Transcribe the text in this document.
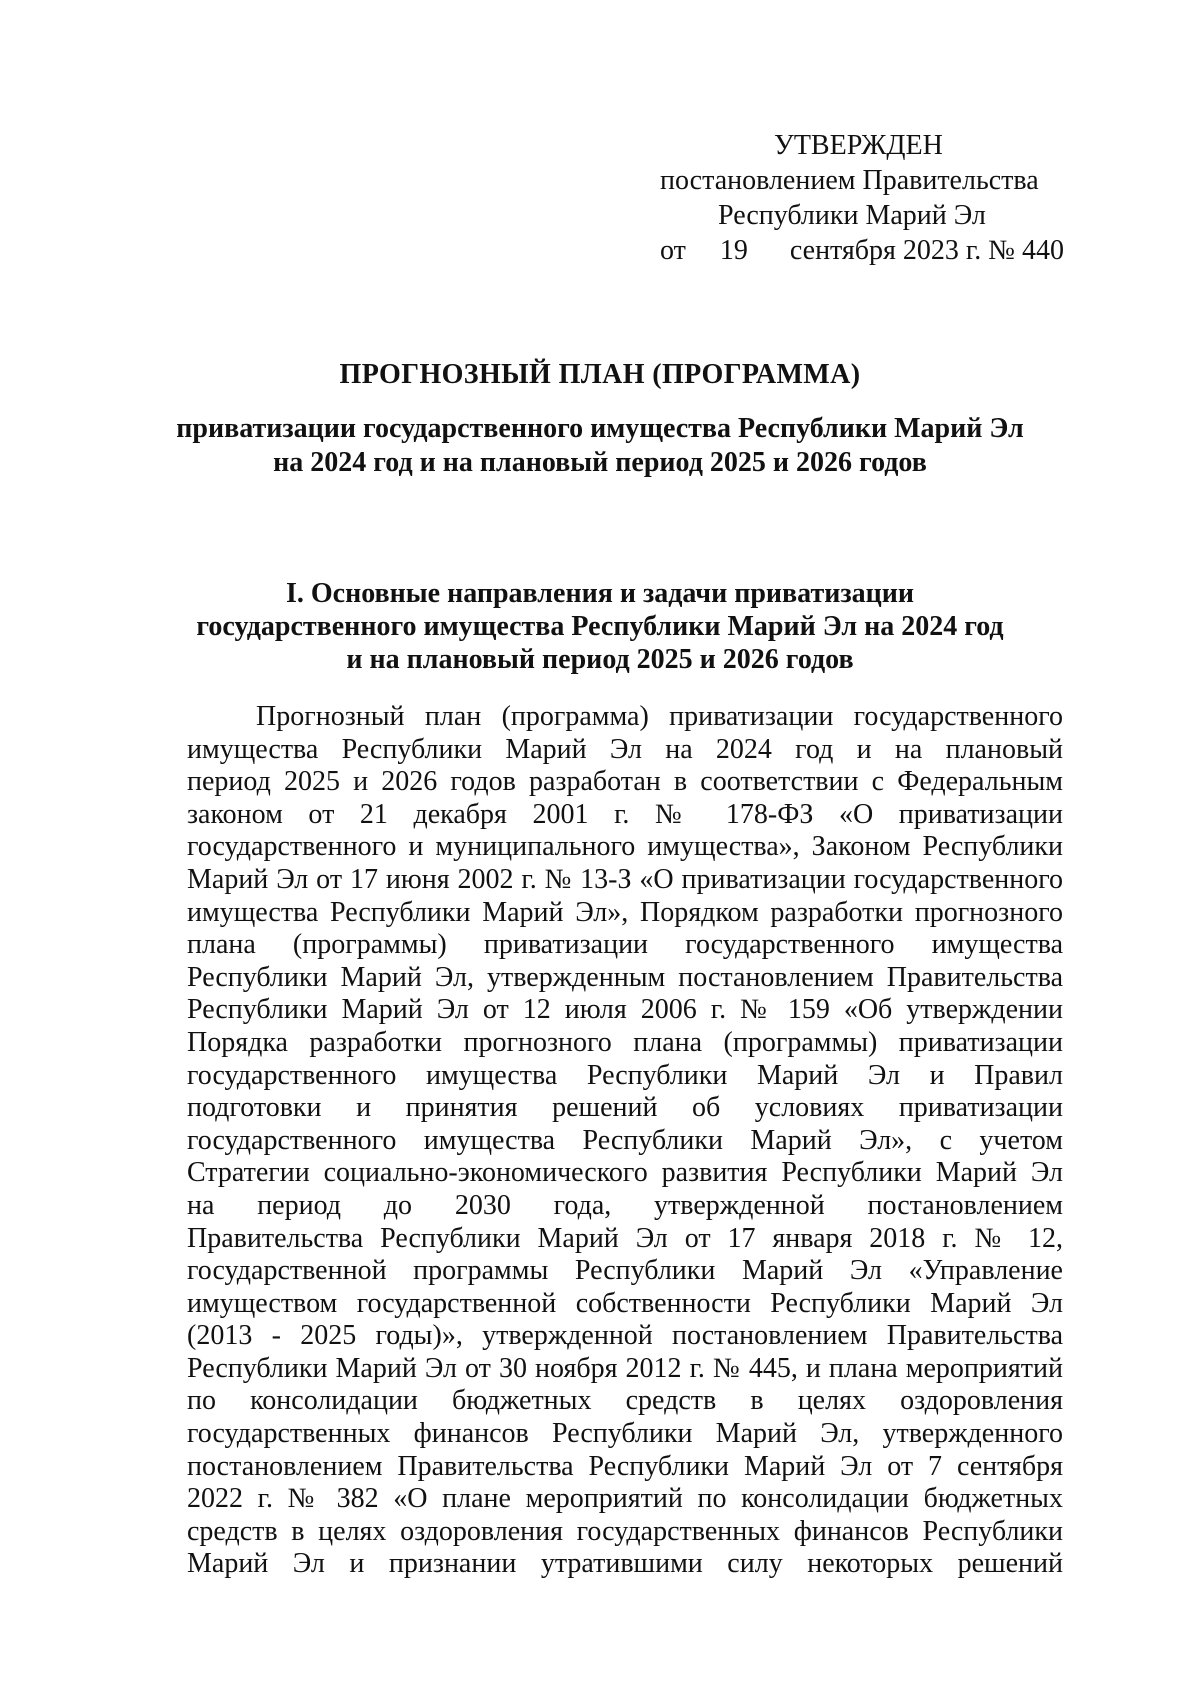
УТВЕРЖДЕН
постановлением Правительства
Республики Марий Эл
от 19 сентября 2023 г. № 440
ПРОГНОЗНЫЙ ПЛАН (ПРОГРАММА)
приватизации государственного имущества Республики Марий Эл
на 2024 год и на плановый период 2025 и 2026 годов
I. Основные направления и задачи приватизации
государственного имущества Республики Марий Эл на 2024 год
и на плановый период 2025 и 2026 годов
Прогнозный план (программа) приватизации государственного
имущества Республики Марий Эл на 2024 год и на плановый
период 2025 и 2026 годов разработан в соответствии с Федеральным
законом от 21 декабря 2001 г. № 178-ФЗ «О приватизации
государственного и муниципального имущества», Законом Республики
Марий Эл от 17 июня 2002 г. № 13-З «О приватизации государственного
имущества Республики Марий Эл», Порядком разработки прогнозного
плана (программы) приватизации государственного имущества
Республики Марий Эл, утвержденным постановлением Правительства
Республики Марий Эл от 12 июля 2006 г. № 159 «Об утверждении
Порядка разработки прогнозного плана (программы) приватизации
государственного имущества Республики Марий Эл и Правил
подготовки и принятия решений об условиях приватизации
государственного имущества Республики Марий Эл», с учетом
Стратегии социально-экономического развития Республики Марий Эл
на период до 2030 года, утвержденной постановлением
Правительства Республики Марий Эл от 17 января 2018 г. № 12,
государственной программы Республики Марий Эл «Управление
имуществом государственной собственности Республики Марий Эл
(2013 - 2025 годы)», утвержденной постановлением Правительства
Республики Марий Эл от 30 ноября 2012 г. № 445, и плана мероприятий
по консолидации бюджетных средств в целях оздоровления
государственных финансов Республики Марий Эл, утвержденного
постановлением Правительства Республики Марий Эл от 7 сентября
2022 г. № 382 «О плане мероприятий по консолидации бюджетных
средств в целях оздоровления государственных финансов Республики
Марий Эл и признании утратившими силу некоторых решений
